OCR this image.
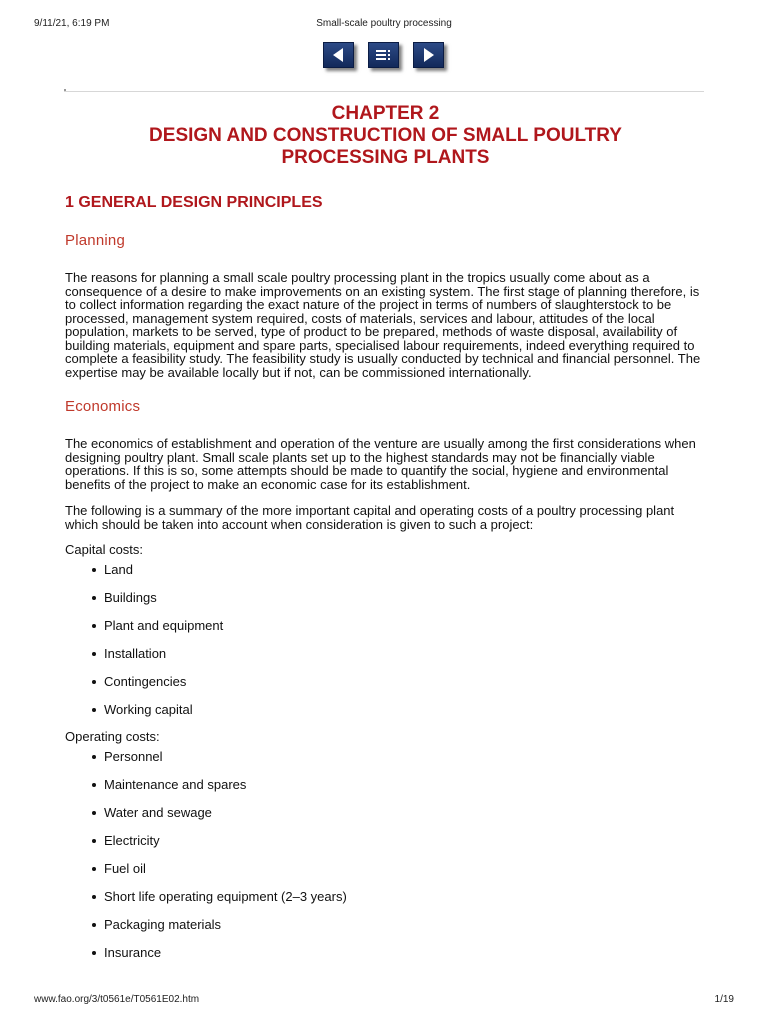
9/11/21, 6:19 PM	Small-scale poultry processing
CHAPTER 2
DESIGN AND CONSTRUCTION OF SMALL POULTRY
PROCESSING PLANTS
1 GENERAL DESIGN PRINCIPLES
Planning

The reasons for planning a small scale poultry processing plant in the tropics usually come about as a consequence of a desire to make improvements on an existing system. The first stage of planning therefore, is to collect information regarding the exact nature of the project in terms of numbers of slaughterstock to be processed, management system required, costs of materials, services and labour, attitudes of the local population, markets to be served, type of product to be prepared, methods of waste disposal, availability of building materials, equipment and spare parts, specialised labour requirements, indeed everything required to complete a feasibility study. The feasibility study is usually conducted by technical and financial personnel. The expertise may be available locally but if not, can be commissioned internationally.

Economics

The economics of establishment and operation of the venture are usually among the first considerations when designing poultry plant. Small scale plants set up to the highest standards may not be financially viable operations. If this is so, some attempts should be made to quantify the social, hygiene and environmental benefits of the project to make an economic case for its establishment.

The following is a summary of the more important capital and operating costs of a poultry processing plant which should be taken into account when consideration is given to such a project:

Capital costs:
Land
Buildings
Plant and equipment
Installation
Contingencies
Working capital
Operating costs:
Personnel
Maintenance and spares
Water and sewage
Electricity
Fuel oil
Short life operating equipment (2–3 years)
Packaging materials
Insurance
www.fao.org/3/t0561e/T0561E02.htm	1/19
